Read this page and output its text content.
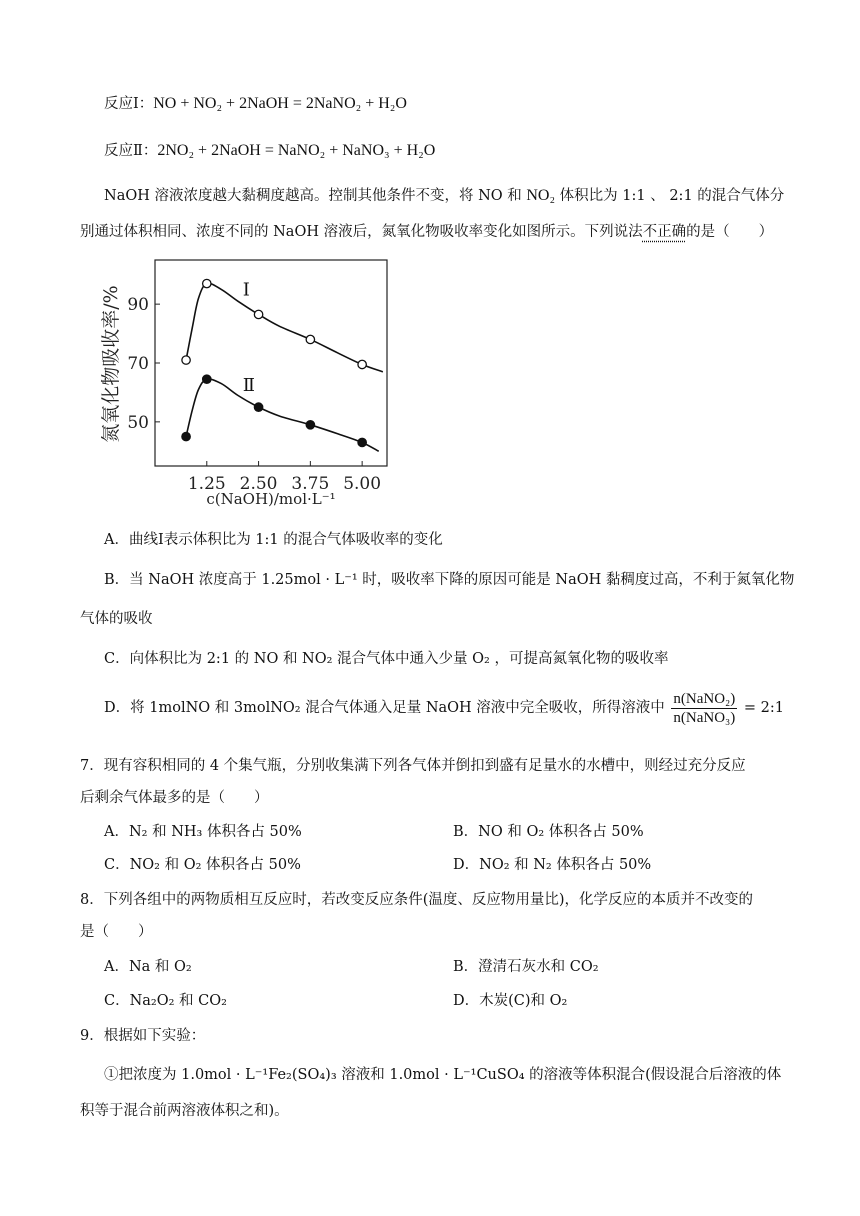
反应Ⅰ：NO + NO₂ + 2NaOH = 2NaNO₂ + H₂O
反应Ⅱ：2NO₂ + 2NaOH = NaNO₂ + NaNO₃ + H₂O
NaOH 溶液浓度越大黏稠度越高。控制其他条件不变，将 NO 和 NO₂ 体积比为 1:1 、 2:1 的混合气体分
别通过体积相同、浓度不同的 NaOH 溶液后，氮氧化物吸收率变化如图所示。下列说法不正确的是（　　）
50
70
90
1.25 2.50 3.75 5.00
Ⅰ
Ⅱ
氮氧化物吸收率/%
c(NaOH)/mol·L⁻¹
A．曲线Ⅰ表示体积比为 1:1 的混合气体吸收率的变化
B．当 NaOH 浓度高于 1.25mol · L⁻¹ 时，吸收率下降的原因可能是 NaOH 黏稠度过高，不利于氮氧化物
气体的吸收
C．向体积比为 2:1 的 NO 和 NO₂ 混合气体中通入少量 O₂ ，可提高氮氧化物的吸收率
D．将 1molNO 和 3molNO₂ 混合气体通入足量 NaOH 溶液中完全吸收，所得溶液中 $\frac{\text{n(NaNO₂)}}{\text{n(NaNO₃)}}$ = 2:1
7．现有容积相同的 4 个集气瓶，分别收集满下列各气体并倒扣到盛有足量水的水槽中，则经过充分反应
后剩余气体最多的是（　　）
A．N₂ 和 NH₃ 体积各占 50%	B．NO 和 O₂ 体积各占 50%
C．NO₂ 和 O₂ 体积各占 50%	D．NO₂ 和 N₂ 体积各占 50%
8．下列各组中的两物质相互反应时，若改变反应条件(温度、反应物用量比)，化学反应的本质并不改变的
是（　　）
A．Na 和 O₂	B．澄清石灰水和 CO₂
C．Na₂O₂ 和 CO₂	D．木炭(C)和 O₂
9．根据如下实验：
①把浓度为 1.0mol · L⁻¹Fe₂(SO₄)₃ 溶液和 1.0mol · L⁻¹CuSO₄ 的溶液等体积混合(假设混合后溶液的体
积等于混合前两溶液体积之和)。
